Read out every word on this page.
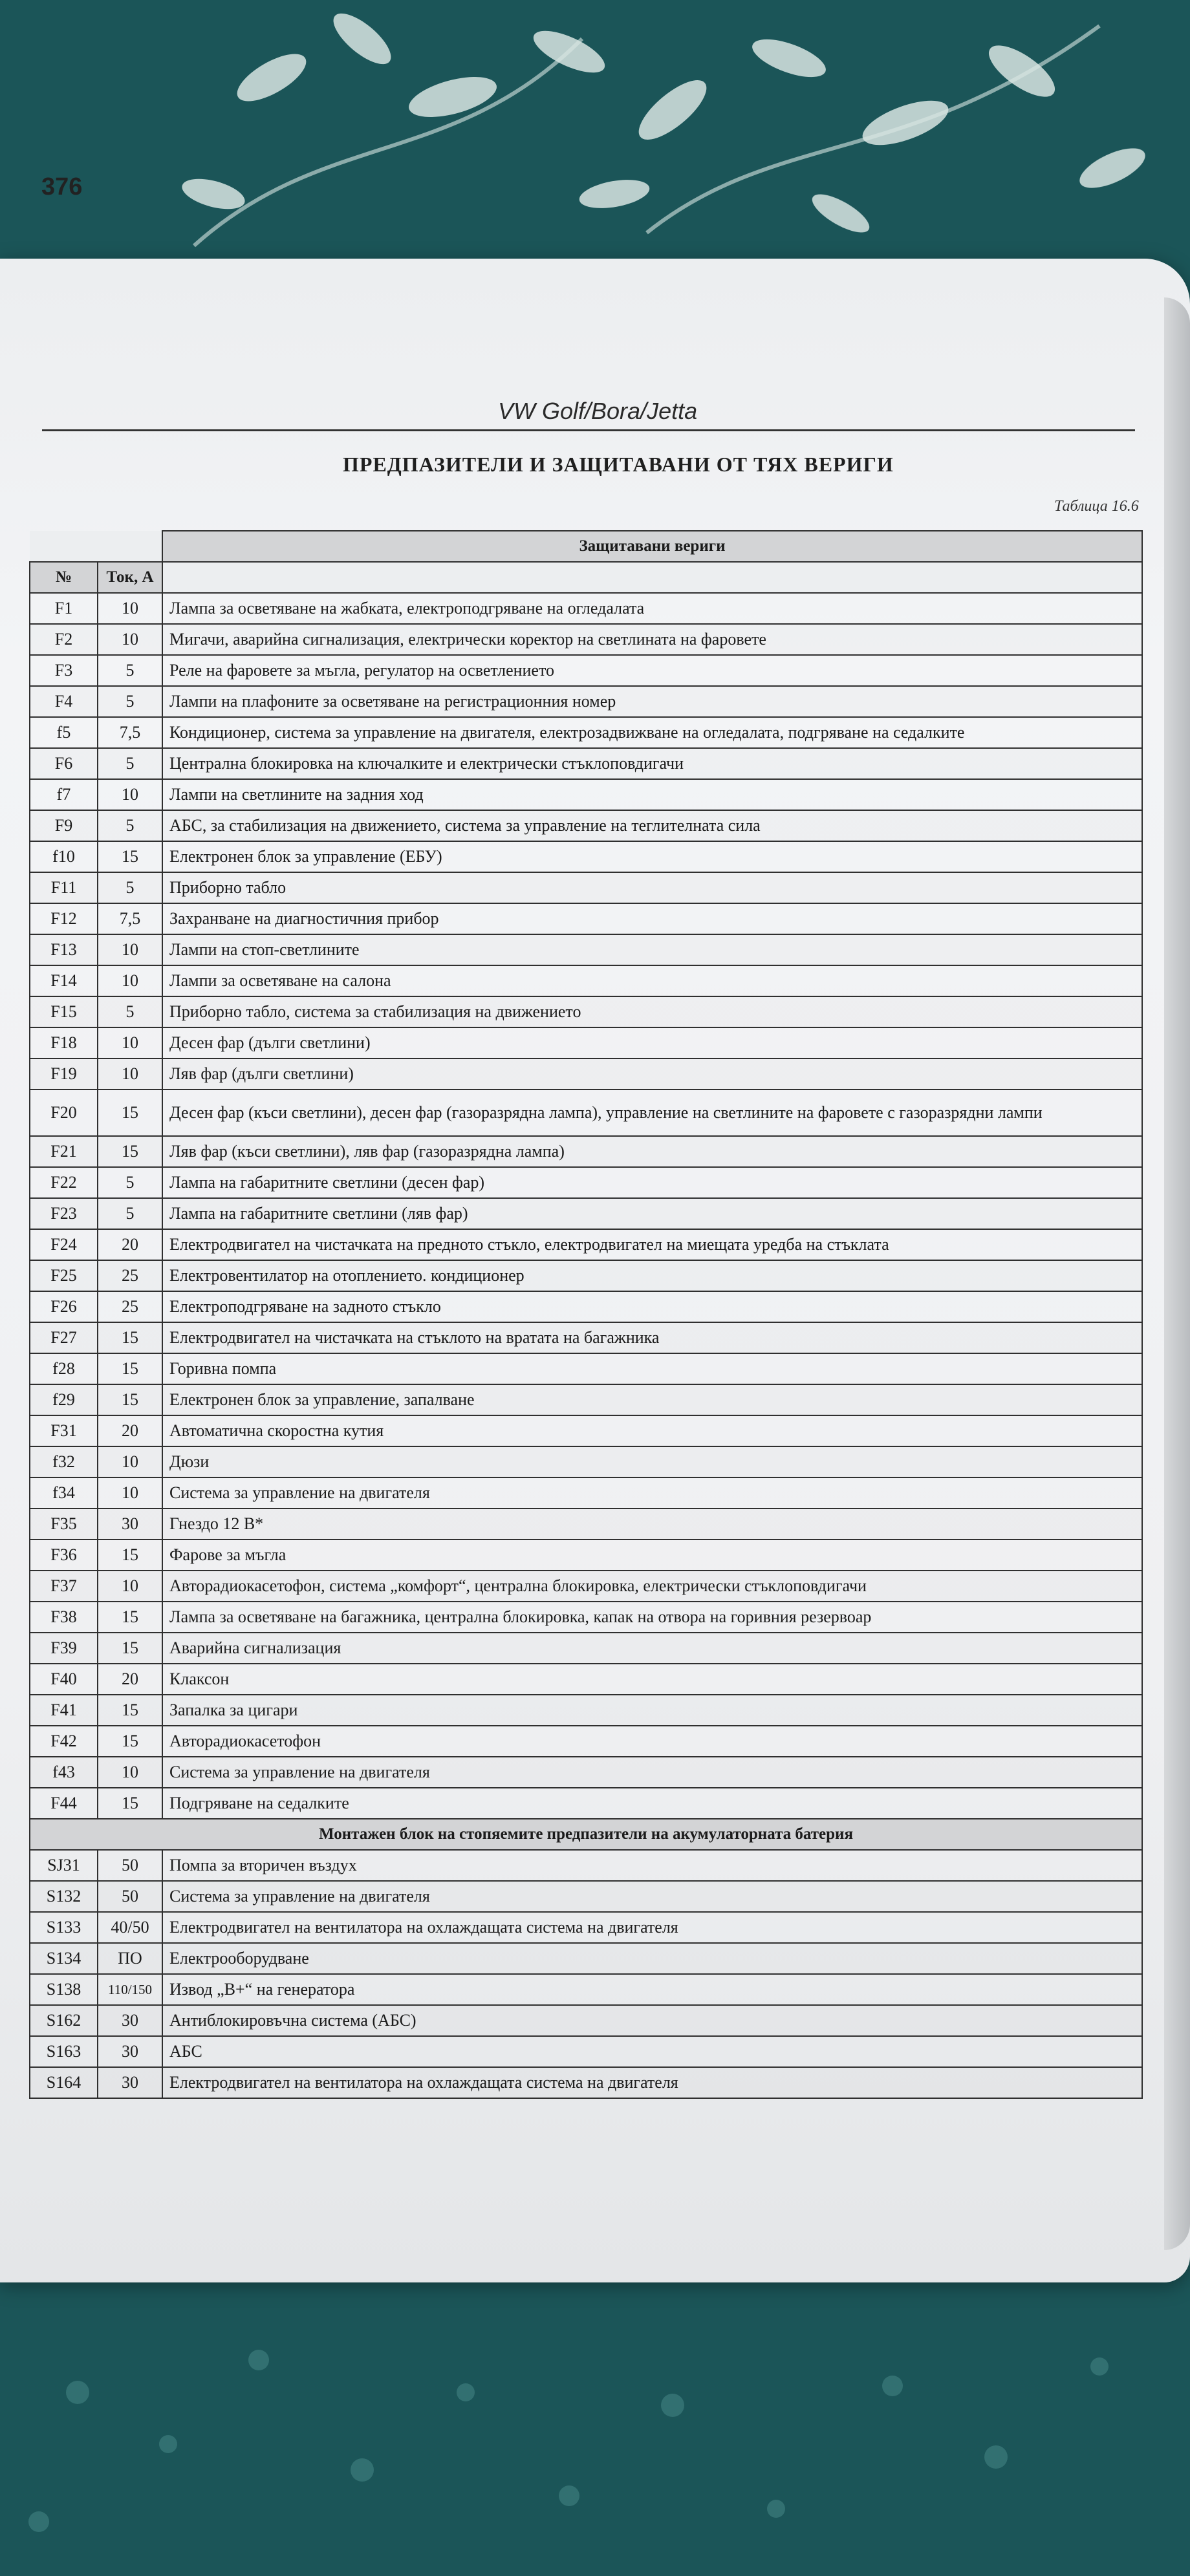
376
VW Golf/Bora/Jetta
ПРЕДПАЗИТЕЛИ И ЗАЩИТАВАНИ ОТ ТЯХ ВЕРИГИ
Таблица 16.6
		Защитавани вериги
№	Ток, А	
F1	10	Лампа за осветяване на жабката, електроподгряване на огледалата
F2	10	Мигачи, аварийна сигнализация, електрически коректор на светлината на фаровете
F3	5	Реле на фаровете за мъгла, регулатор на осветлението
F4	5	Лампи на плафоните за осветяване на регистрационния номер
f5	7,5	Кондиционер, система за управление на двигателя, електрозадвижване на огледалата, подгряване на седалките
F6	5	Централна блокировка на ключалките и електрически стъклоповдигачи
f7	10	Лампи на светлините на задния ход
F9	5	АБС, за стабилизация на движението, система за управление на теглителната сила
f10	15	Електронен блок за управление (ЕБУ)
F11	5	Приборно табло
F12	7,5	Захранване на диагностичния прибор
F13	10	Лампи на стоп-светлините
F14	10	Лампи за осветяване на салона
F15	5	Приборно табло, система за стабилизация на движението
F18	10	Десен фар (дълги светлини)
F19	10	Ляв фар (дълги светлини)
F20	15	Десен фар (къси светлини), десен фар (газоразрядна лампа), управление на светлините на фаровете с газоразрядни лампи
F21	15	Ляв фар (къси светлини), ляв фар (газоразрядна лампа)
F22	5	Лампа на габаритните светлини (десен фар)
F23	5	Лампа на габаритните светлини (ляв фар)
F24	20	Електродвигател на чистачката на предното стъкло, електродвигател на миещата уредба на стъклата
F25	25	Електровентилатор на отоплението. кондиционер
F26	25	Електроподгряване на задното стъкло
F27	15	Електродвигател на чистачката на стъклото на вратата на багажника
f28	15	Горивна помпа
f29	15	Електронен блок за управление, запалване
F31	20	Автоматична скоростна кутия
f32	10	Дюзи
f34	10	Система за управление на двигателя
F35	30	Гнездо 12 В*
F36	15	Фарове за мъгла
F37	10	Авторадиокасетофон, система „комфорт“, централна блокировка, електрически стъклоповдигачи
F38	15	Лампа за осветяване на багажника, централна блокировка, капак на отвора на горивния резервоар
F39	15	Аварийна сигнализация
F40	20	Клаксон
F41	15	Запалка за цигари
F42	15	Авторадиокасетофон
f43	10	Система за управление на двигателя
F44	15	Подгряване на седалките
Монтажен блок на стопяемите предпазители на акумулаторната батерия		
SJ31	50	Помпа за вторичен въздух
S132	50	Система за управление на двигателя
S133	40/50	Електродвигател на вентилатора на охлаждащата система на двигателя
S134	ПО	Електрооборудване
S138	110/150	Извод „В+“ на генератора
S162	30	Антиблокировъчна система (АБС)
S163	30	АБС
S164	30	Електродвигател на вентилатора на охлаждащата система на двигателя
